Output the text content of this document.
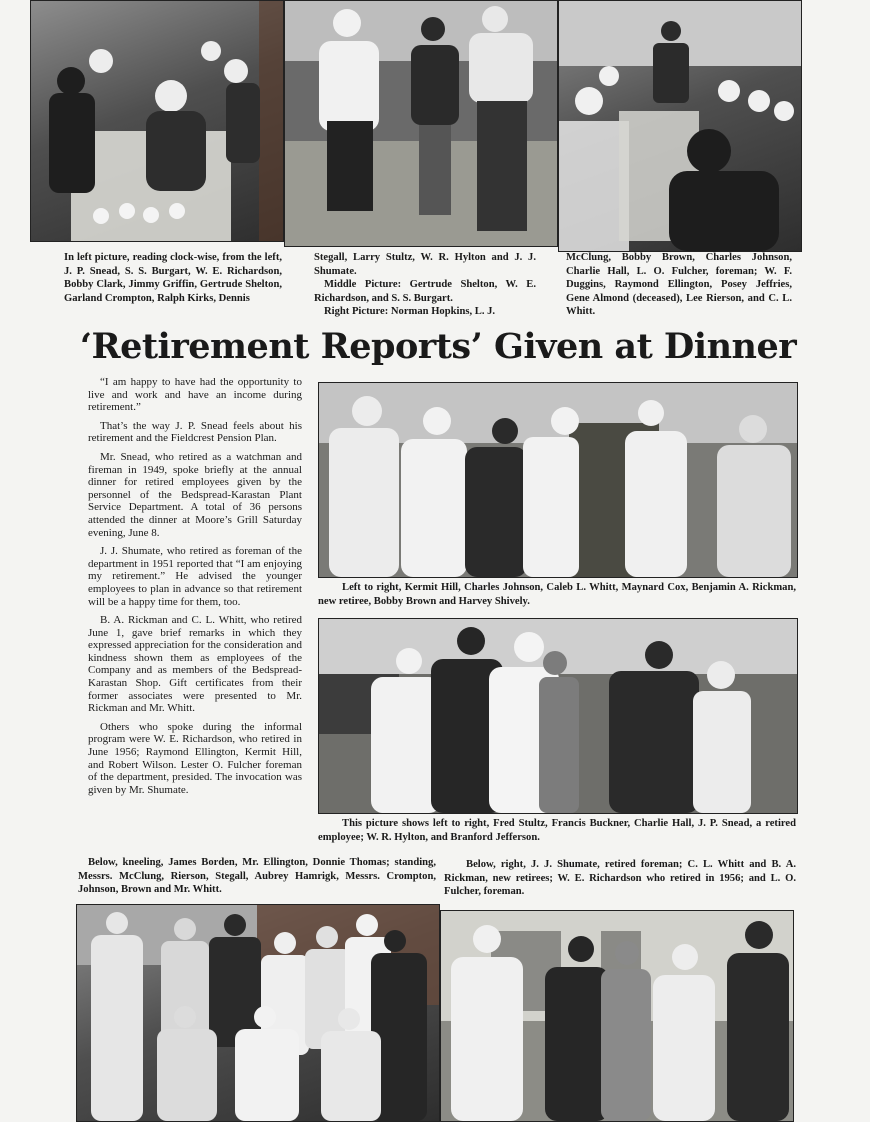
In left picture, reading clock-wise, from the left, J. P. Snead, S. S. Burgart, W. E. Richardson, Bobby Clark, Jimmy Griffin, Gertrude Shelton, Garland Crompton, Ralph Kirks, Dennis

Stegall, Larry Stultz, W. R. Hylton and J. J. Shumate.

Middle Picture: Gertrude Shelton, W. E. Richardson, and S. S. Burgart.

Right Picture: Norman Hopkins, L. J.

McClung, Bobby Brown, Charles Johnson, Charlie Hall, L. O. Fulcher, foreman; W. F. Duggins, Raymond Ellington, Posey Jeffries, Gene Almond (deceased), Lee Rierson, and C. L. Whitt.

‘Retirement Reports’ Given at Dinner

“I am happy to have had the opportunity to live and work and have an income during retirement.”

That’s the way J. P. Snead feels about his retirement and the Fieldcrest Pension Plan.

Mr. Snead, who retired as a watchman and fireman in 1949, spoke briefly at the annual dinner for retired employees given by the personnel of the Bedspread-Karastan Plant Service Department. A total of 36 persons attended the dinner at Moore’s Grill Saturday evening, June 8.

J. J. Shumate, who retired as foreman of the department in 1951 reported that “I am enjoying my retirement.” He advised the younger employees to plan in advance so that retirement will be a happy time for them, too.

B. A. Rickman and C. L. Whitt, who retired June 1, gave brief remarks in which they expressed appreciation for the consideration and kindness shown them as employees of the Company and as members of the Bedspread-Karastan Shop. Gift certificates from their former associates were presented to Mr. Rickman and Mr. Whitt.

Others who spoke during the informal program were W. E. Richardson, who retired in June 1956; Raymond Ellington, Kermit Hill, and Robert Wilson. Lester O. Fulcher foreman of the department, presided. The invocation was given by Mr. Shumate.

Left to right, Kermit Hill, Charles Johnson, Caleb L. Whitt, Maynard Cox, Benjamin A. Rickman, new retiree, Bobby Brown and Harvey Shively.

This picture shows left to right, Fred Stultz, Francis Buckner, Charlie Hall, J. P. Snead, a retired employee; W. R. Hylton, and Branford Jefferson.

Below, kneeling, James Borden, Mr. Ellington, Donnie Thomas; standing, Messrs. McClung, Rierson, Stegall, Aubrey Hamrigk, Messrs. Crompton, Johnson, Brown and Mr. Whitt.

Below, right, J. J. Shumate, retired foreman; C. L. Whitt and B. A. Rickman, new retirees; W. E. Richardson who retired in 1956; and L. O. Fulcher, foreman.
